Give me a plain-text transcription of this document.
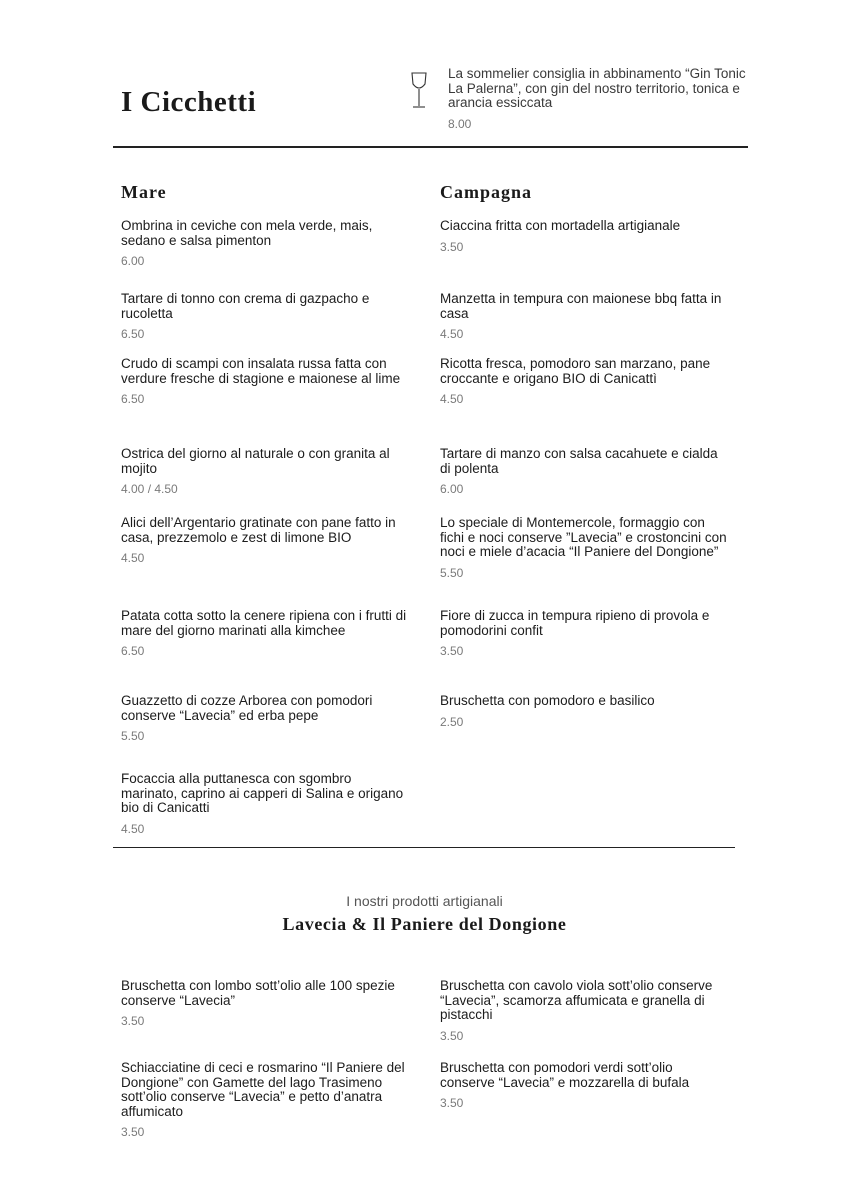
I Cicchetti
La sommelier consiglia in abbinamento “Gin Tonic La Palerna”, con gin del nostro territorio, tonica e arancia essiccata
8.00
Mare	Campagna
Ombrina in ceviche con mela verde, mais, sedano e salsa pimenton
6.00
Tartare di tonno con crema di gazpacho e rucoletta
6.50
Crudo di scampi con insalata russa fatta con verdure fresche di stagione e maionese al lime
6.50
Ostrica del giorno al naturale o con granita al mojito
4.00 / 4.50
Alici dell’Argentario gratinate con pane fatto in casa, prezzemolo e zest di limone BIO
4.50
Patata cotta sotto la cenere ripiena con i frutti di mare del giorno marinati alla kimchee
6.50
Guazzetto di cozze Arborea con pomodori conserve “Lavecia” ed erba pepe
5.50
Focaccia alla puttanesca con sgombro marinato, caprino ai capperi di Salina e origano bio di Canicatti
4.50
Ciaccina fritta con mortadella artigianale
3.50
Manzetta in tempura con maionese bbq fatta in casa
4.50
Ricotta fresca, pomodoro san marzano, pane croccante e origano BIO di Canicattì
4.50
Tartare di manzo con salsa cacahuete e cialda di polenta
6.00
Lo speciale di Montemercole, formaggio con fichi e noci conserve ”Lavecia” e crostoncini con noci e miele d’acacia “Il Paniere del Dongione”
5.50
Fiore di zucca in tempura ripieno di provola e pomodorini confit
3.50
Bruschetta con pomodoro e basilico
2.50
I nostri prodotti artigianali
Lavecia & Il Paniere del Dongione
Bruschetta con lombo sott’olio alle 100 spezie conserve “Lavecia”
3.50
Schiacciatine di ceci e rosmarino “Il Paniere del Dongione” con Gamette del lago Trasimeno sott’olio conserve “Lavecia” e petto d’anatra affumicato
3.50
Bruschetta con cavolo viola sott’olio conserve “Lavecia”, scamorza affumicata e granella di pistacchi
3.50
Bruschetta con pomodori verdi sott’olio conserve “Lavecia” e mozzarella di bufala
3.50
